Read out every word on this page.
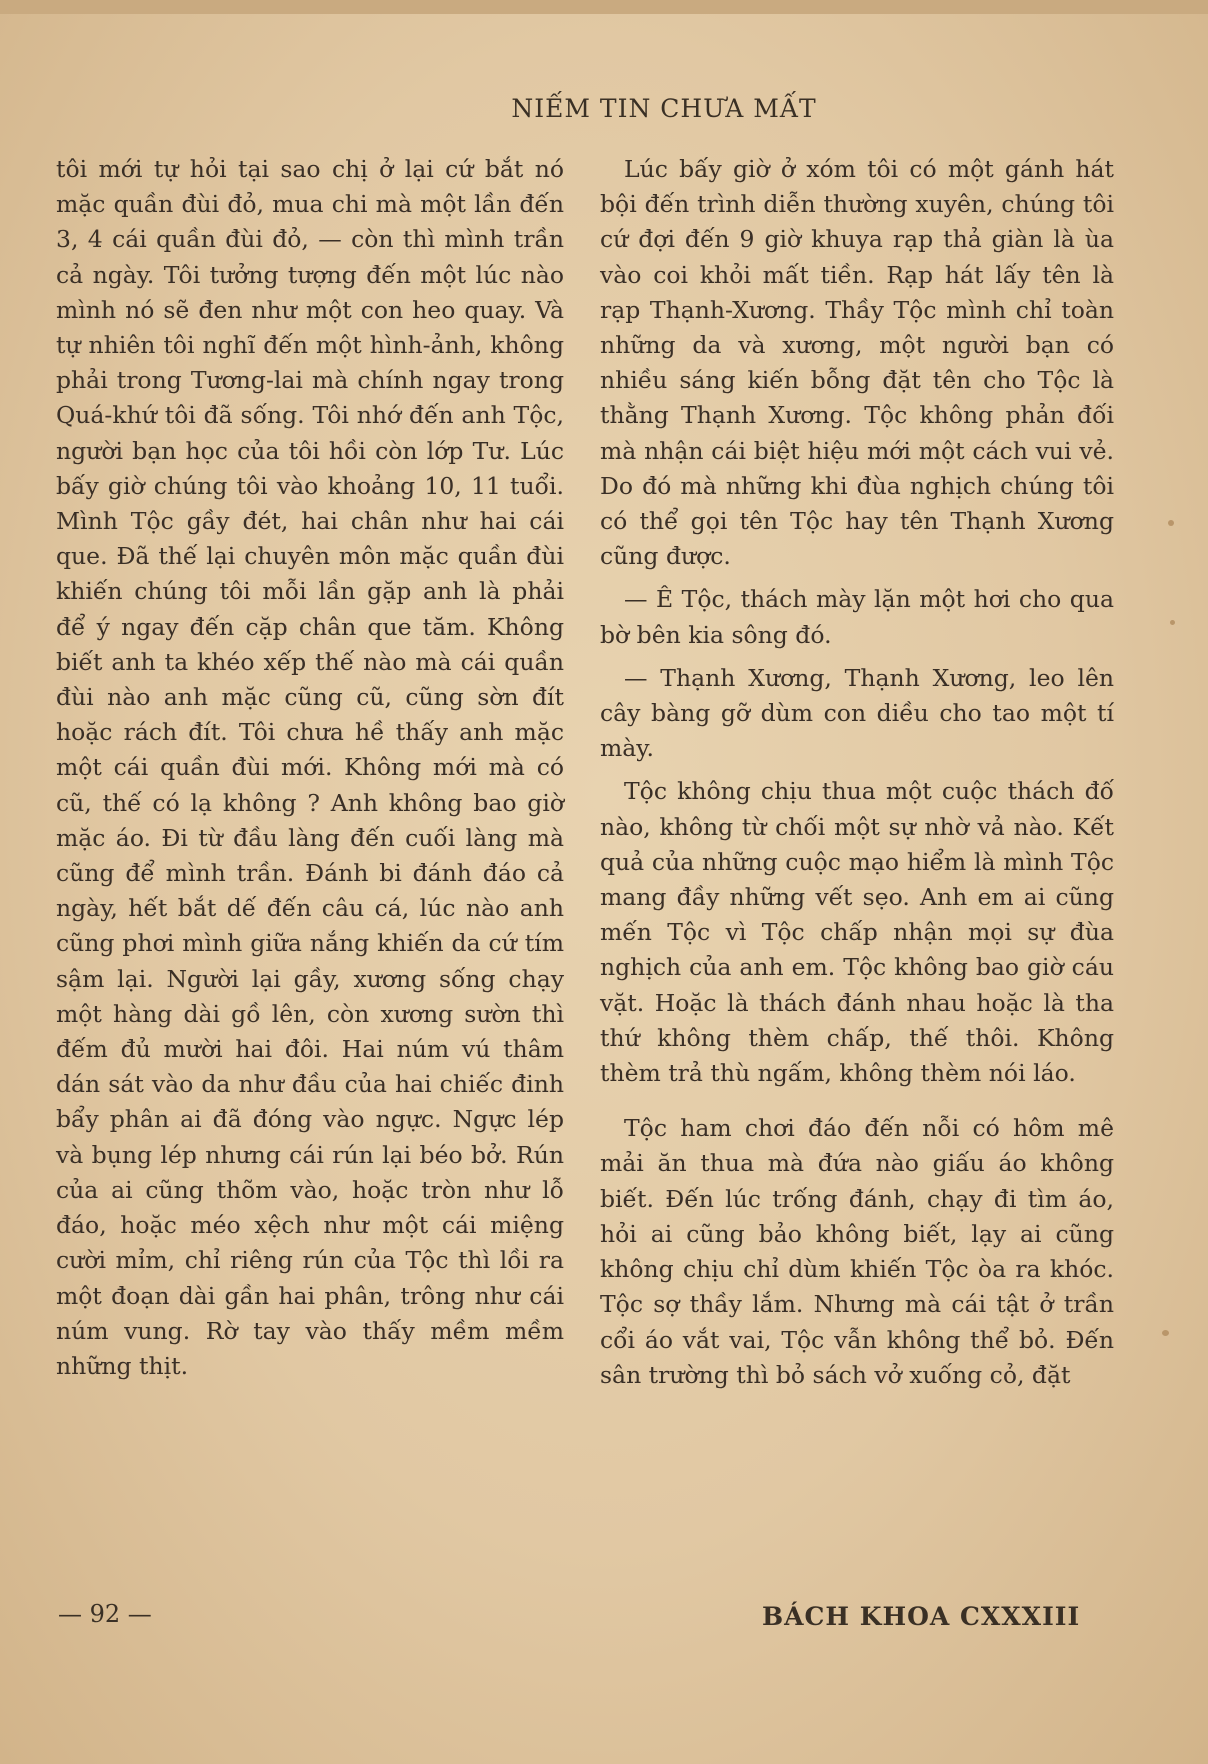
NIẾM TIN CHƯA MẤT

tôi mới tự hỏi tại sao chị ở lại cứ bắt nó mặc quần đùi đỏ, mua chi mà một lần đến 3, 4 cái quần đùi đỏ, — còn thì mình trần cả ngày. Tôi tưởng tượng đến một lúc nào mình nó sẽ đen như một con heo quay. Và tự nhiên tôi nghĩ đến một hình-ảnh, không phải trong Tương-lai mà chính ngay trong Quá-khứ tôi đã sống. Tôi nhớ đến anh Tộc, người bạn học của tôi hồi còn lớp Tư. Lúc bấy giờ chúng tôi vào khoảng 10, 11 tuổi. Mình Tộc gầy đét, hai chân như hai cái que. Đã thế lại chuyên môn mặc quần đùi khiến chúng tôi mỗi lần gặp anh là phải để ý ngay đến cặp chân que tăm. Không biết anh ta khéo xếp thế nào mà cái quần đùi nào anh mặc cũng cũ, cũng sờn đít hoặc rách đít. Tôi chưa hề thấy anh mặc một cái quần đùi mới. Không mới mà có cũ, thế có lạ không ? Anh không bao giờ mặc áo. Đi từ đầu làng đến cuối làng mà cũng để mình trần. Đánh bi đánh đáo cả ngày, hết bắt dế đến câu cá, lúc nào anh cũng phơi mình giữa nắng khiến da cứ tím sậm lại. Người lại gầy, xương sống chạy một hàng dài gồ lên, còn xương sườn thì đếm đủ mười hai đôi. Hai núm vú thâm dán sát vào da như đầu của hai chiếc đinh bẩy phân ai đã đóng vào ngực. Ngực lép và bụng lép nhưng cái rún lại béo bở. Rún của ai cũng thõm vào, hoặc tròn như lỗ đáo, hoặc méo xệch như một cái miệng cười mỉm, chỉ riêng rún của Tộc thì lồi ra một đoạn dài gần hai phân, trông như cái núm vung. Rờ tay vào thấy mềm mềm những thịt.

Lúc bấy giờ ở xóm tôi có một gánh hát bội đến trình diễn thường xuyên, chúng tôi cứ đợi đến 9 giờ khuya rạp thả giàn là ùa vào coi khỏi mất tiền. Rạp hát lấy tên là rạp Thạnh-Xương. Thầy Tộc mình chỉ toàn những da và xương, một người bạn có nhiều sáng kiến bỗng đặt tên cho Tộc là thằng Thạnh Xương. Tộc không phản đối mà nhận cái biệt hiệu mới một cách vui vẻ. Do đó mà những khi đùa nghịch chúng tôi có thể gọi tên Tộc hay tên Thạnh Xương cũng được.

— Ê Tộc, thách mày lặn một hơi cho qua bờ bên kia sông đó.

— Thạnh Xương, Thạnh Xương, leo lên cây bàng gỡ dùm con diều cho tao một tí mày.

Tộc không chịu thua một cuộc thách đố nào, không từ chối một sự nhờ vả nào. Kết quả của những cuộc mạo hiểm là mình Tộc mang đầy những vết sẹo. Anh em ai cũng mến Tộc vì Tộc chấp nhận mọi sự đùa nghịch của anh em. Tộc không bao giờ cáu vặt. Hoặc là thách đánh nhau hoặc là tha thứ không thèm chấp, thế thôi. Không thèm trả thù ngấm, không thèm nói láo.

Tộc ham chơi đáo đến nỗi có hôm mê mải ăn thua mà đứa nào giấu áo không biết. Đến lúc trống đánh, chạy đi tìm áo, hỏi ai cũng bảo không biết, lạy ai cũng không chịu chỉ dùm khiến Tộc òa ra khóc. Tộc sợ thầy lắm. Nhưng mà cái tật ở trần cổi áo vắt vai, Tộc vẫn không thể bỏ. Đến sân trường thì bỏ sách vở xuống cỏ, đặt

— 92 —	BÁCH KHOA CXXXIII
